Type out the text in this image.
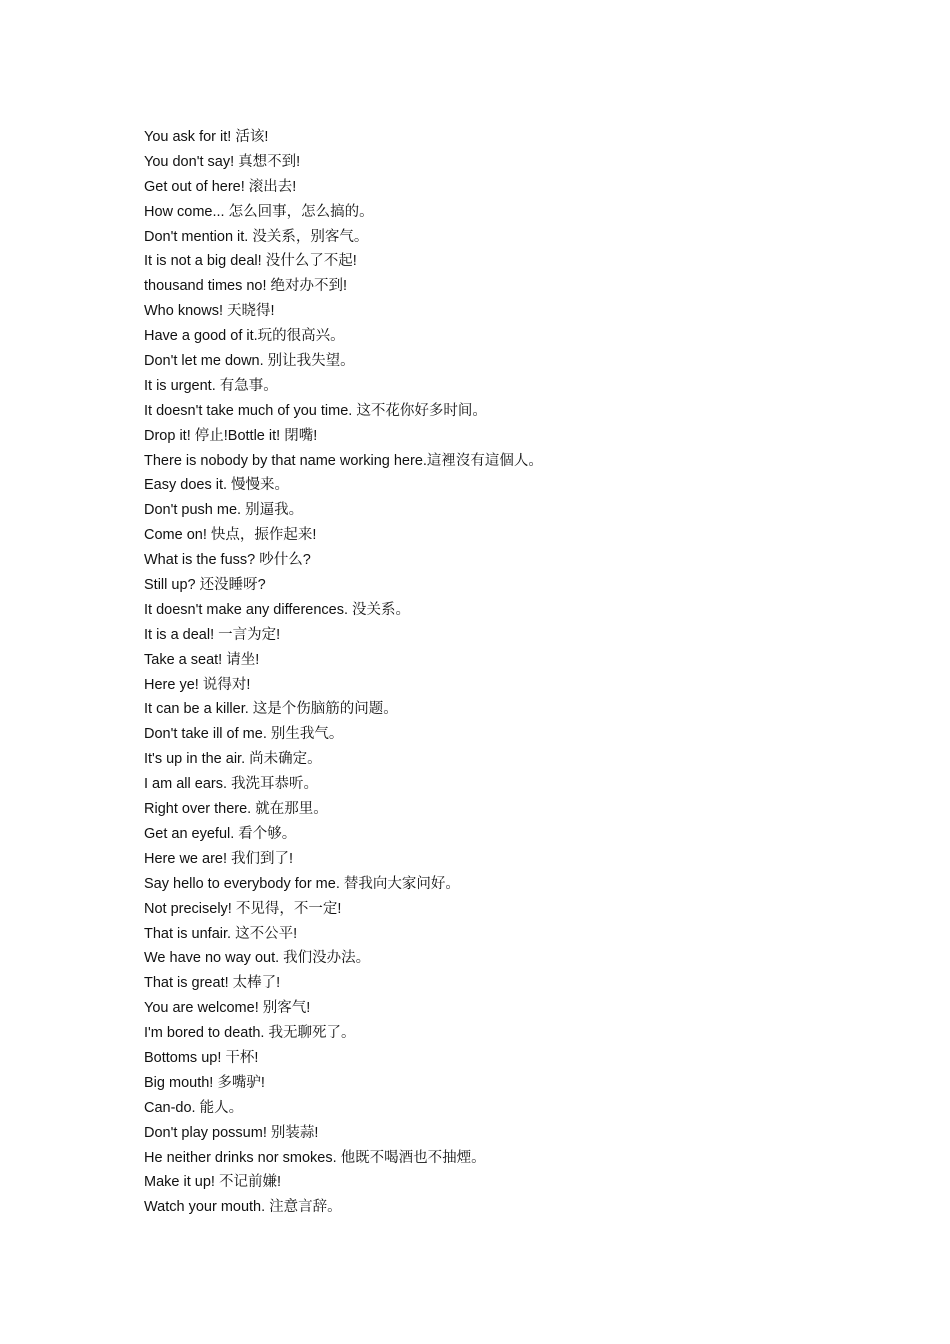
You ask for it! 活该!
You don't say! 真想不到!
Get out of here! 滚出去!
How come... 怎么回事，怎么搞的。
Don't mention it. 没关系，别客气。
It is not a big deal! 没什么了不起!
thousand times no! 绝对办不到!
Who knows! 天晓得!
Have a good of it.玩的很高兴。
Don't let me down. 别让我失望。
It is urgent. 有急事。
It doesn't take much of you time. 这不花你好多时间。
Drop it! 停止!Bottle it! 閉嘴!
There is nobody by that name working here.這裡沒有這個人。
Easy does it. 慢慢来。
Don't push me. 别逼我。
Come on! 快点，振作起来!
What is the fuss? 吵什么?
Still up? 还没睡呀?
It doesn't make any differences. 没关系。
It is a deal! 一言为定!
Take a seat! 请坐!
Here ye! 说得对!
It can be a killer. 这是个伤脑筋的问题。
Don't take ill of me. 别生我气。
It's up in the air. 尚未确定。
I am all ears. 我洗耳恭听。
Right over there. 就在那里。
Get an eyeful. 看个够。
Here we are! 我们到了!
Say hello to everybody for me. 替我向大家问好。
Not precisely! 不见得，不一定!
That is unfair. 这不公平!
We have no way out. 我们没办法。
That is great! 太棒了!
You are welcome! 别客气!
I'm bored to death. 我无聊死了。
Bottoms up! 干杯!
Big mouth! 多嘴驴!
Can-do. 能人。
Don't play possum! 别装蒜!
He neither drinks nor smokes. 他既不喝酒也不抽煙。
Make it up! 不记前嫌!
Watch your mouth. 注意言辞。
